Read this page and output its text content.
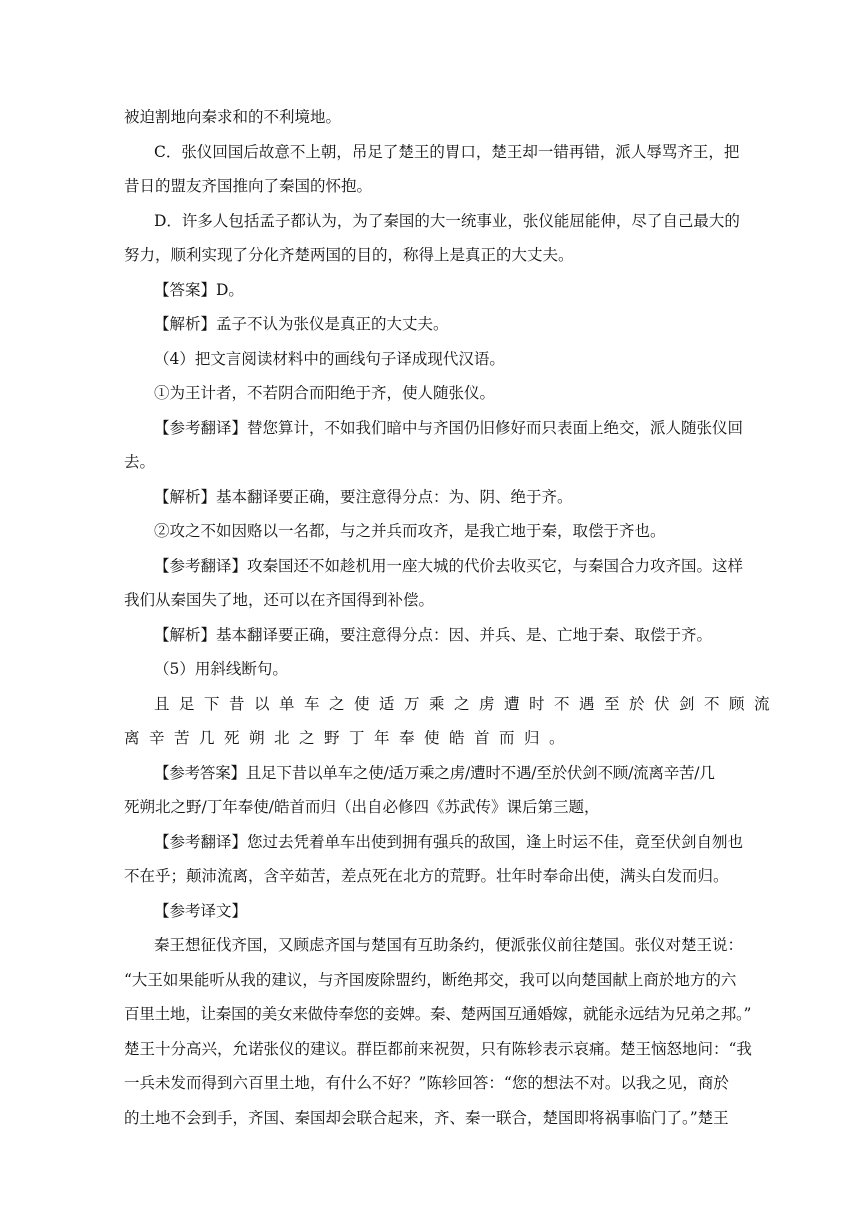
被迫割地向秦求和的不利境地。

C．张仪回国后故意不上朝，吊足了楚王的胃口，楚王却一错再错，派人辱骂齐王，把

昔日的盟友齐国推向了秦国的怀抱。

D．许多人包括孟子都认为，为了秦国的大一统事业，张仪能屈能伸，尽了自己最大的

努力，顺利实现了分化齐楚两国的目的，称得上是真正的大丈夫。

【答案】D。

【解析】孟子不认为张仪是真正的大丈夫。

（4）把文言阅读材料中的画线句子译成现代汉语。

①为王计者，不若阴合而阳绝于齐，使人随张仪。

【参考翻译】替您算计，不如我们暗中与齐国仍旧修好而只表面上绝交，派人随张仪回

去。

【解析】基本翻译要正确，要注意得分点：为、阴、绝于齐。

②攻之不如因赂以一名都，与之并兵而攻齐，是我亡地于秦，取偿于齐也。

【参考翻译】攻秦国还不如趁机用一座大城的代价去收买它，与秦国合力攻齐国。这样

我们从秦国失了地，还可以在齐国得到补偿。

【解析】基本翻译要正确，要注意得分点：因、并兵、是、亡地于秦、取偿于齐。

（5）用斜线断句。

且足下昔以单车之使适万乘之虏遭时不遇至於伏剑不顾流

离辛苦几死朔北之野丁年奉使皓首而归。

【参考答案】且足下昔以单车之使/适万乘之虏/遭时不遇/至於伏剑不顾/流离辛苦/几

死朔北之野/丁年奉使/皓首而归（出自必修四《苏武传》课后第三题，

【参考翻译】您过去凭着单车出使到拥有强兵的敌国，逢上时运不佳，竟至伏剑自刎也

不在乎；颠沛流离，含辛茹苦，差点死在北方的荒野。壮年时奉命出使，满头白发而归。

【参考译文】

秦王想征伐齐国，又顾虑齐国与楚国有互助条约，便派张仪前往楚国。张仪对楚王说：

“大王如果能听从我的建议，与齐国废除盟约，断绝邦交，我可以向楚国献上商於地方的六

百里土地，让秦国的美女来做侍奉您的妾婢。秦、楚两国互通婚嫁，就能永远结为兄弟之邦。”

楚王十分高兴，允诺张仪的建议。群臣都前来祝贺，只有陈轸表示哀痛。楚王恼怒地问：“我

一兵未发而得到六百里土地，有什么不好？”陈轸回答：“您的想法不对。以我之见，商於

的土地不会到手，齐国、秦国却会联合起来，齐、秦一联合，楚国即将祸事临门了。”楚王
